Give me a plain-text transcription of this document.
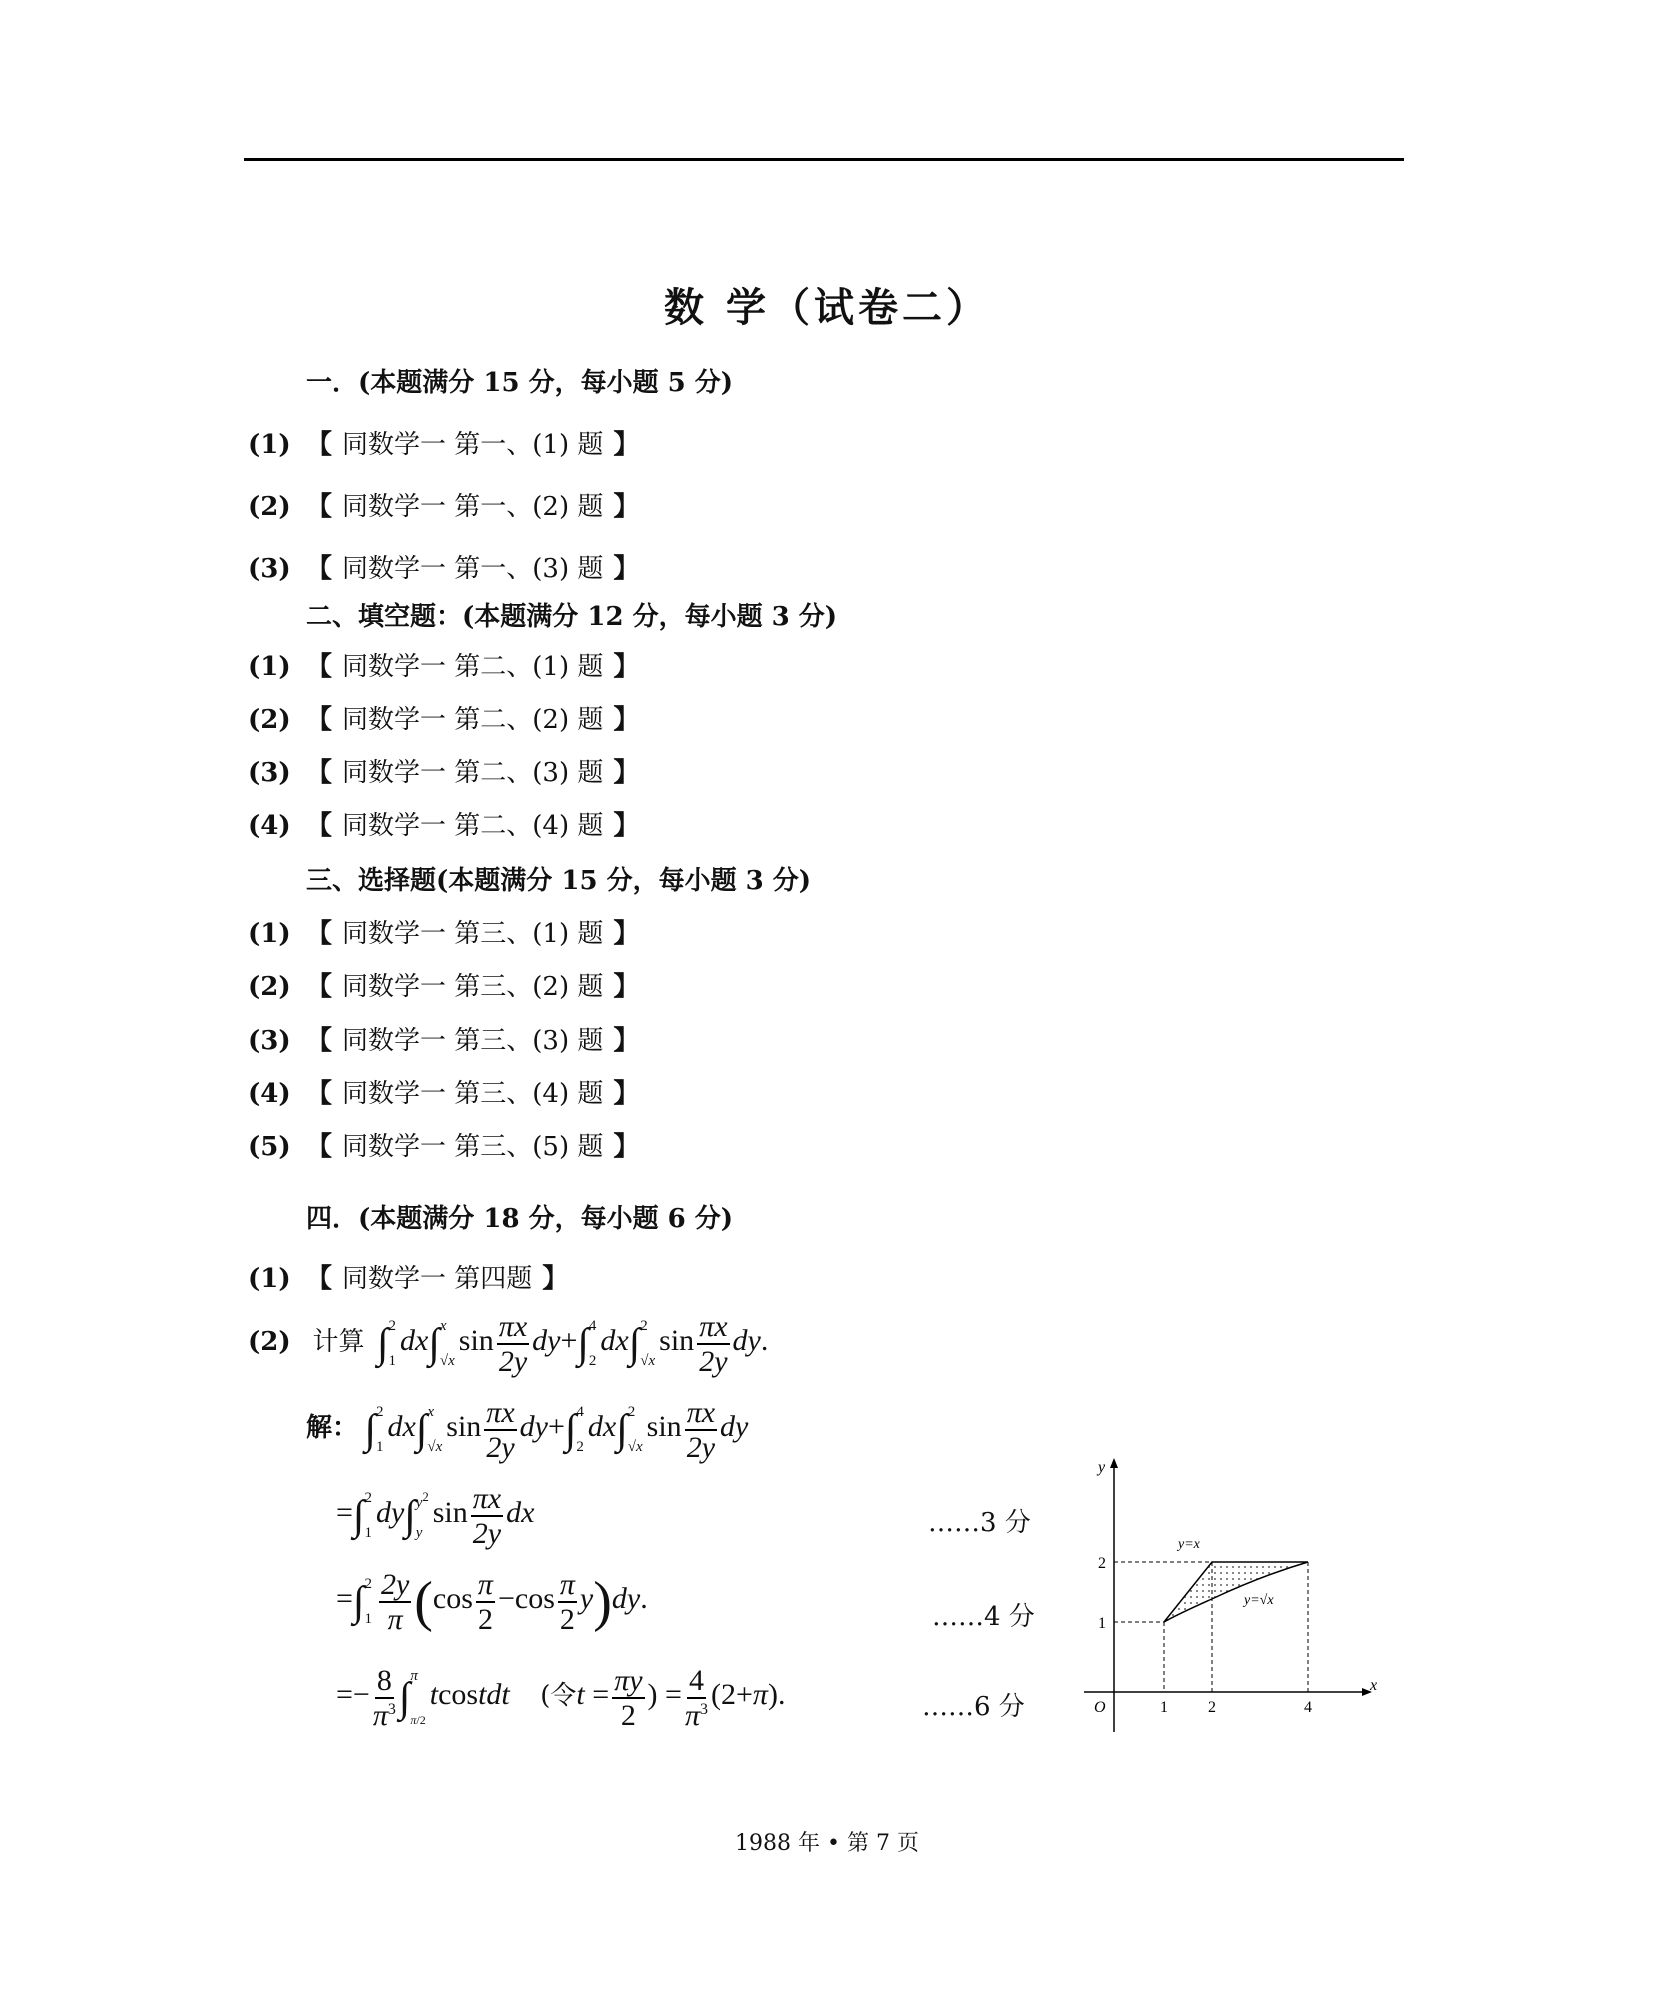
数 学（试卷二）
一．(本题满分 15 分，每小题 5 分)
(1) 【 同数学一 第一、(1) 题 】
(2) 【 同数学一 第一、(2) 题 】
(3) 【 同数学一 第一、(3) 题 】
二、填空题：(本题满分 12 分，每小题 3 分)
(1) 【 同数学一 第二、(1) 题 】
(2) 【 同数学一 第二、(2) 题 】
(3) 【 同数学一 第二、(3) 题 】
(4) 【 同数学一 第二、(4) 题 】
三、选择题(本题满分 15 分，每小题 3 分)
(1) 【 同数学一 第三、(1) 题 】
(2) 【 同数学一 第三、(2) 题 】
(3) 【 同数学一 第三、(3) 题 】
(4) 【 同数学一 第三、(4) 题 】
(5) 【 同数学一 第三、(5) 题 】
四．(本题满分 18 分，每小题 6 分)
(1) 【 同数学一 第四题 】
(2) 计算 ∫ 2
1
dx∫ x
√x
$\sin \frac{\pi x}{2y} dy+\int$ 4
2
dx∫ 2
√x
$\sin \frac{\pi x}{2y}$ dy.
解： ∫ 2
1
dx∫ x
√x
$\sin \frac{\pi x}{2y} dy+\int$ 4
2
dx∫ 2
√x
$\sin \frac{\pi x}{2y}$ dy
=∫ 2
1
dy∫ $y^2$
y
$\sin \frac{\pi x}{2y}$ dx	……3 分
=∫ 2
$1 \frac{2y}{\pi} (\cos \frac{\pi}{2} -\cos \frac{\pi}{2} y)dy$.
……4 分
=− $\frac{8}{\pi^3}$ ∫ π
π/2
tcostdt (令$t = \frac{\pi y}{2}$ ) = $\frac{4}{\pi^3} (2+\pi)$.	……6 分
y
x
O	1	2	4
1
2
y=x
y=√x
1988 年 • 第 7 页
